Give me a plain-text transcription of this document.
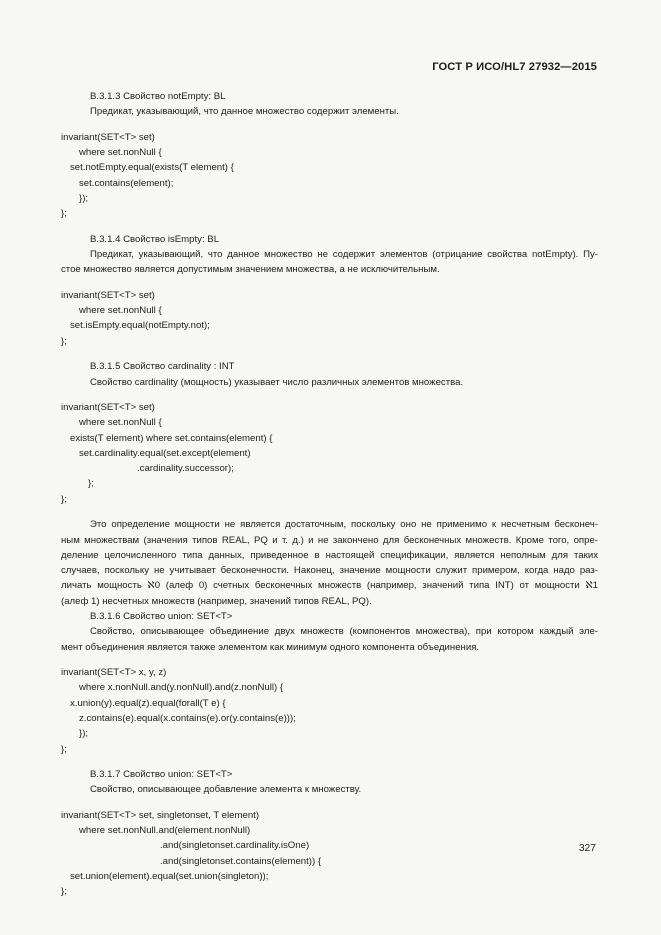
ГОСТ Р ИСО/HL7 27932—2015
B.3.1.3 Свойство notEmpty: BL
Предикат, указывающий, что данное множество содержит элементы.
invariant(SET<T> set)
where set.nonNull {
set.notEmpty.equal(exists(T element) {
set.contains(element);
});
};
B.3.1.4 Свойство isEmpty: BL
Предикат, указывающий, что данное множество не содержит элементов (отрицание свойства notEmpty). Пу-
стое множество является допустимым значением множества, а не исключительным.
invariant(SET<T> set)
where set.nonNull {
set.isEmpty.equal(notEmpty.not);
};
B.3.1.5 Свойство cardinality : INT
Свойство cardinality (мощность) указывает число различных элементов множества.
invariant(SET<T> set)
where set.nonNull {
exists(T element) where set.contains(element) {
set.cardinality.equal(set.except(element)
.cardinality.successor);
};
};
Это определение мощности не является достаточным, поскольку оно не применимо к несчетным бесконеч-
ным множествам (значения типов REAL, PQ и т. д.) и не закончено для бесконечных множеств. Кроме того, опре-
деление целочисленного типа данных, приведенное в настоящей спецификации, является неполным для таких
случаев, поскольку не учитывает бесконечности. Наконец, значение мощности служит примером, когда надо раз-
личать мощность ℵ0 (алеф 0) счетных бесконечных множеств (например, значений типа INT) от мощности ℵ1
(алеф 1) несчетных множеств (например, значений типов REAL, PQ).
B.3.1.6 Свойство union: SET<T>
Свойство, описывающее объединение двух множеств (компонентов множества), при котором каждый эле-
мент объединения является также элементом как минимум одного компонента объединения.
invariant(SET<T> x, y, z)
where x.nonNull.and(y.nonNull).and(z.nonNull) {
x.union(y).equal(z).equal(forall(T e) {
z.contains(e).equal(x.contains(e).or(y.contains(e)));
});
};
B.3.1.7 Свойство union: SET<T>
Свойство, описывающее добавление элемента к множеству.
invariant(SET<T> set, singletonset, T element)
where set.nonNull.and(element.nonNull)
.and(singletonset.cardinality.isOne)
.and(singletonset.contains(element)) {
set.union(element).equal(set.union(singleton));
};
327
